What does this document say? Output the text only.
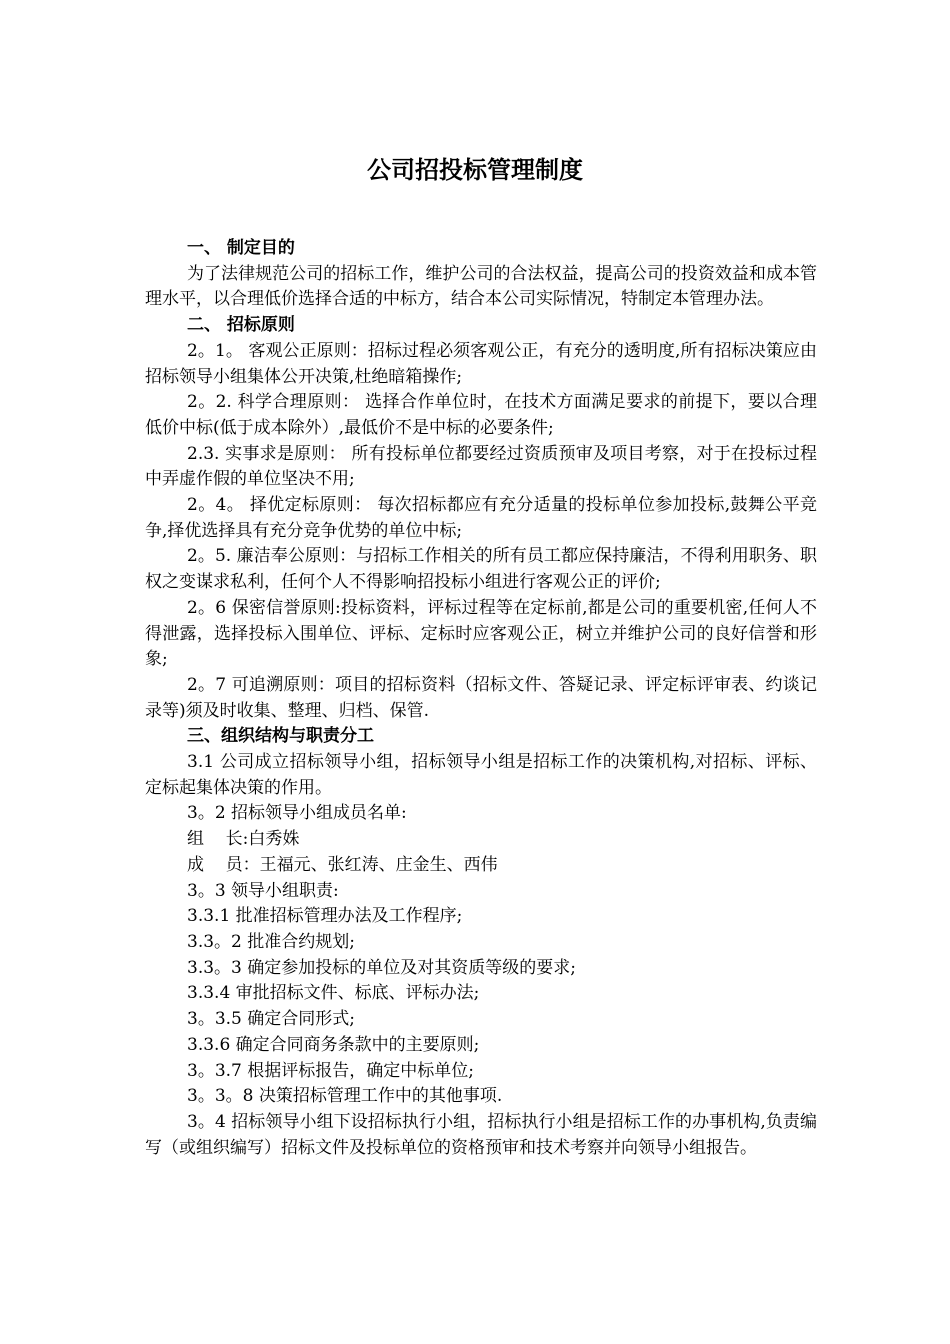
公司招投标管理制度

一、 制定目的

为了法律规范公司的招标工作，维护公司的合法权益，提高公司的投资效益和成本管理水平，以合理低价选择合适的中标方，结合本公司实际情况，特制定本管理办法。

二、 招标原则

2。1。 客观公正原则：招标过程必须客观公正，有充分的透明度,所有招标决策应由招标领导小组集体公开决策,杜绝暗箱操作;

2。2. 科学合理原则： 选择合作单位时，在技术方面满足要求的前提下，要以合理低价中标(低于成本除外）,最低价不是中标的必要条件;

2.3. 实事求是原则： 所有投标单位都要经过资质预审及项目考察，对于在投标过程中弄虚作假的单位坚决不用;

2。4。 择优定标原则： 每次招标都应有充分适量的投标单位参加投标,鼓舞公平竞争,择优选择具有充分竞争优势的单位中标;

2。5. 廉洁奉公原则：与招标工作相关的所有员工都应保持廉洁，不得利用职务、职权之变谋求私利，任何个人不得影响招投标小组进行客观公正的评价;

2。6 保密信誉原则:投标资料，评标过程等在定标前,都是公司的重要机密,任何人不得泄露，选择投标入围单位、评标、定标时应客观公正，树立并维护公司的良好信誉和形象;

2。7 可追溯原则：项目的招标资料（招标文件、答疑记录、评定标评审表、约谈记录等)须及时收集、整理、归档、保管.

三、组织结构与职责分工

3.1 公司成立招标领导小组，招标领导小组是招标工作的决策机构,对招标、评标、定标起集体决策的作用。

3。2 招标领导小组成员名单:

组    长:白秀姝

成    员：王福元、张红涛、庄金生、西伟

3。3 领导小组职责:

3.3.1 批准招标管理办法及工作程序;

3.3。2 批准合约规划;

3.3。3 确定参加投标的单位及对其资质等级的要求;

3.3.4 审批招标文件、标底、评标办法;

3。3.5 确定合同形式;

3.3.6 确定合同商务条款中的主要原则;

3。3.7 根据评标报告，确定中标单位;

3。3。8 决策招标管理工作中的其他事项.

3。4 招标领导小组下设招标执行小组，招标执行小组是招标工作的办事机构,负责编写（或组织编写）招标文件及投标单位的资格预审和技术考察并向领导小组报告。
